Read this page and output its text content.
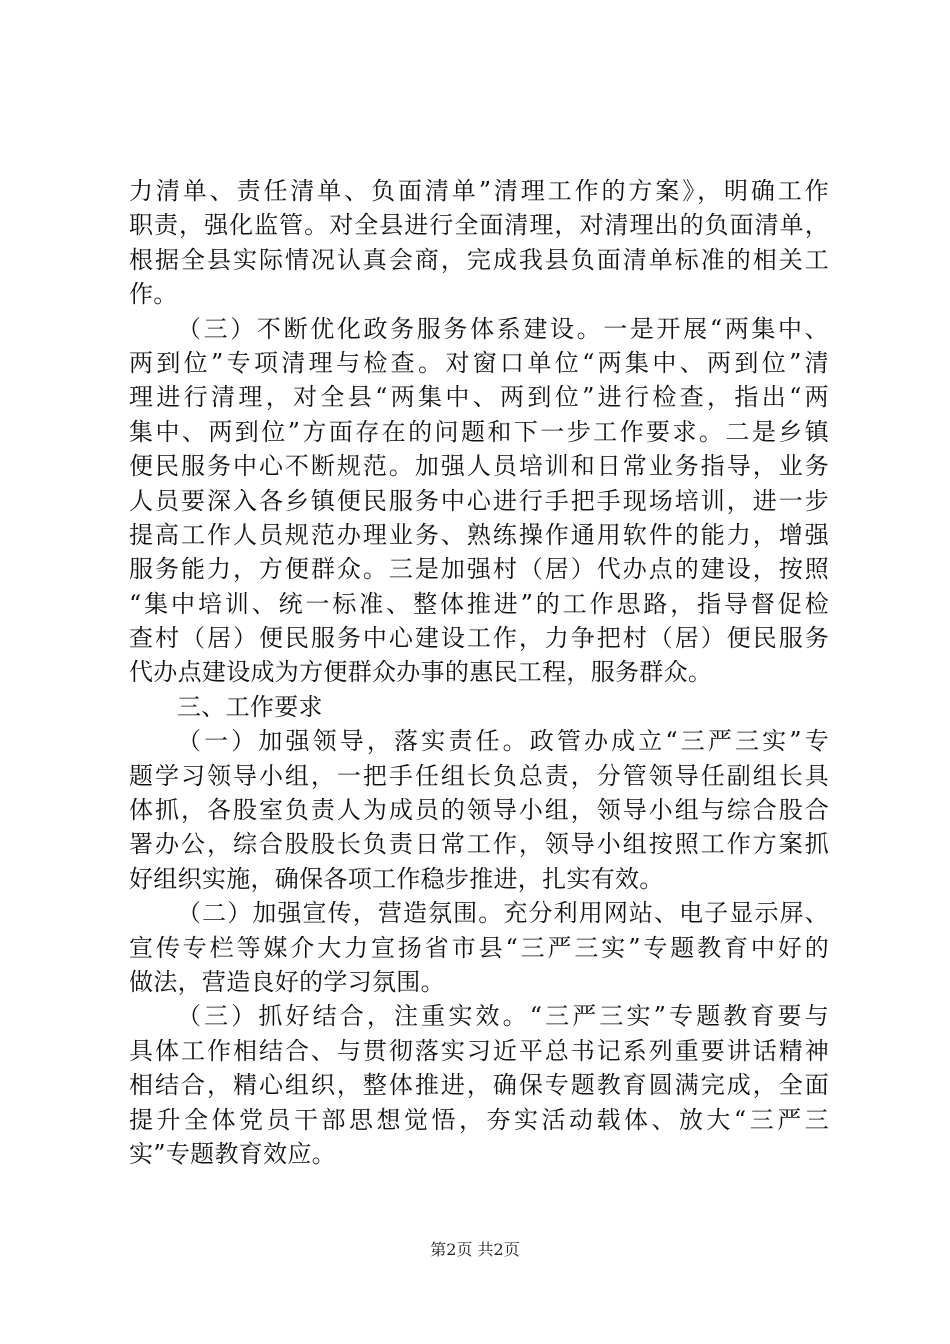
力清单、责任清单、负面清单”清理工作的方案》，明确工作
职责，强化监管。对全县进行全面清理，对清理出的负面清单，
根据全县实际情况认真会商，完成我县负面清单标准的相关工
作。
（三）不断优化政务服务体系建设。一是开展“两集中、
两到位”专项清理与检查。对窗口单位“两集中、两到位”清
理进行清理，对全县“两集中、两到位”进行检查，指出“两
集中、两到位”方面存在的问题和下一步工作要求。二是乡镇
便民服务中心不断规范。加强人员培训和日常业务指导，业务
人员要深入各乡镇便民服务中心进行手把手现场培训，进一步
提高工作人员规范办理业务、熟练操作通用软件的能力，增强
服务能力，方便群众。三是加强村（居）代办点的建设，按照
“集中培训、统一标准、整体推进”的工作思路，指导督促检
查村（居）便民服务中心建设工作，力争把村（居）便民服务
代办点建设成为方便群众办事的惠民工程，服务群众。
三、工作要求
（一）加强领导，落实责任。政管办成立“三严三实”专
题学习领导小组，一把手任组长负总责，分管领导任副组长具
体抓，各股室负责人为成员的领导小组，领导小组与综合股合
署办公，综合股股长负责日常工作，领导小组按照工作方案抓
好组织实施，确保各项工作稳步推进，扎实有效。
（二）加强宣传，营造氛围。充分利用网站、电子显示屏、
宣传专栏等媒介大力宣扬省市县“三严三实”专题教育中好的
做法，营造良好的学习氛围。
（三）抓好结合，注重实效。“三严三实”专题教育要与
具体工作相结合、与贯彻落实习近平总书记系列重要讲话精神
相结合，精心组织，整体推进，确保专题教育圆满完成，全面
提升全体党员干部思想觉悟，夯实活动载体、放大“三严三
实”专题教育效应。
第2页 共2页
